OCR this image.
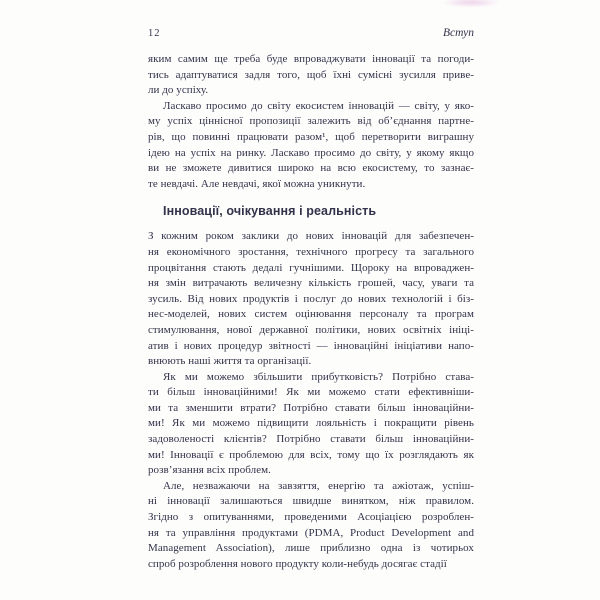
12	Вступ
яким самим ще треба буде впроваджувати інновації та погоди-
тись адаптуватися задля того, щоб їхні сумісні зусилля приве-
ли до успіху.
Ласкаво просимо до світу екосистем інновацій — світу, у яко-
му успіх ціннісної пропозиції залежить від об’єднання партне-
рів, що повинні працювати разом¹, щоб перетворити виграшну
ідею на успіх на ринку. Ласкаво просимо до світу, у якому якщо
ви не зможете дивитися широко на всю екосистему, то зазнає-
те невдачі. Але невдачі, якої можна уникнути.
Інновації, очікування і реальність
З кожним роком заклики до нових інновацій для забезпечен-
ня економічного зростання, технічного прогресу та загального
процвітання стають дедалі гучнішими. Щороку на впроваджен-
ня змін витрачають величезну кількість грошей, часу, уваги та
зусиль. Від нових продуктів і послуг до нових технологій і біз-
нес-моделей, нових систем оцінювання персоналу та програм
стимулювання, нової державної політики, нових освітніх ініці-
атив і нових процедур звітності — інноваційні ініціативи напо-
внюють наші життя та організації.
Як ми можемо збільшити прибутковість? Потрібно става-
ти більш інноваційними! Як ми можемо стати ефективніши-
ми та зменшити втрати? Потрібно ставати більш інноваційни-
ми! Як ми можемо підвищити лояльність і покращити рівень
задоволеності клієнтів? Потрібно ставати більш інноваційни-
ми! Інновації є проблемою для всіх, тому що їх розглядають як
розв’язання всіх проблем.
Але, незважаючи на завзяття, енергію та ажіотаж, успіш-
ні інновації залишаються швидше винятком, ніж правилом.
Згідно з опитуваннями, проведеними Асоціацією розроблен-
ня та управління продуктами (PDMA, Product Development and
Management Association), лише приблизно одна із чотирьох
спроб розроблення нового продукту коли-небудь досягає стадії
